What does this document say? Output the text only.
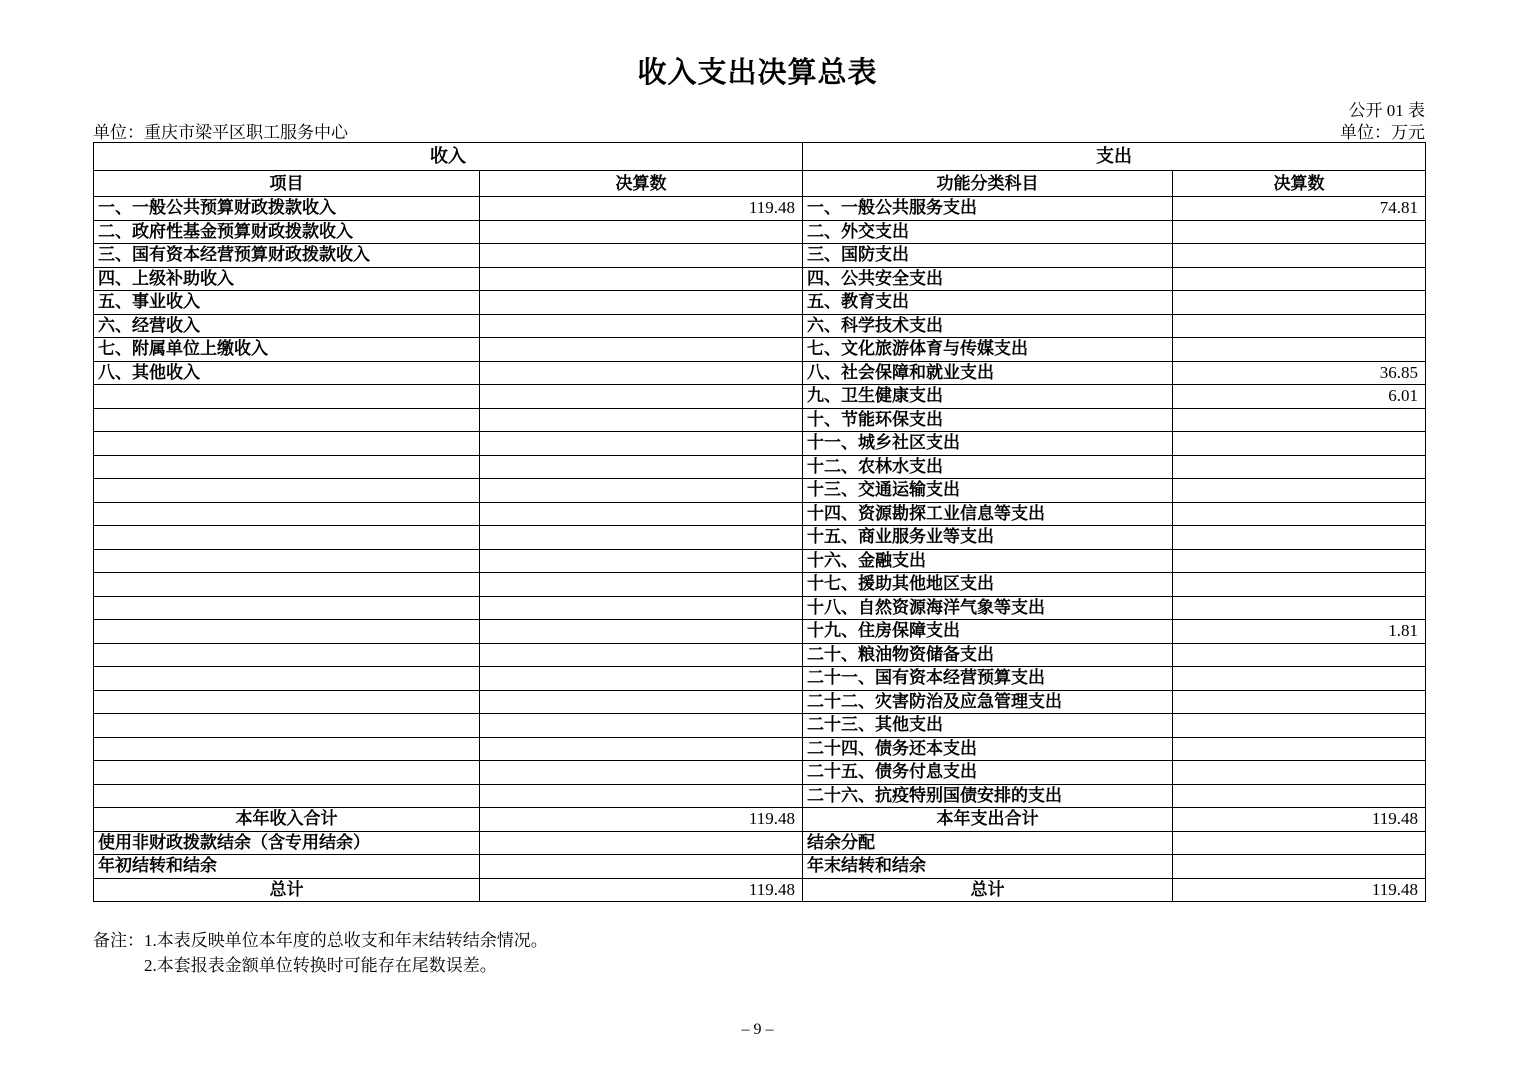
收入支出决算总表
公开 01 表
单位：重庆市梁平区职工服务中心	单位：万元
收入		支出	
项目	决算数	功能分类科目	决算数
一、一般公共预算财政拨款收入	119.48	一、一般公共服务支出	74.81
二、政府性基金预算财政拨款收入		二、外交支出	
三、国有资本经营预算财政拨款收入		三、国防支出	
四、上级补助收入		四、公共安全支出	
五、事业收入		五、教育支出	
六、经营收入		六、科学技术支出	
七、附属单位上缴收入		七、文化旅游体育与传媒支出	
八、其他收入		八、社会保障和就业支出	36.85
		九、卫生健康支出	6.01
		十、节能环保支出	
		十一、城乡社区支出	
		十二、农林水支出	
		十三、交通运输支出	
		十四、资源勘探工业信息等支出	
		十五、商业服务业等支出	
		十六、金融支出	
		十七、援助其他地区支出	
		十八、自然资源海洋气象等支出	
		十九、住房保障支出	1.81
		二十、粮油物资储备支出	
		二十一、国有资本经营预算支出	
		二十二、灾害防治及应急管理支出	
		二十三、其他支出	
		二十四、债务还本支出	
		二十五、债务付息支出	
		二十六、抗疫特别国债安排的支出	
本年收入合计	119.48	本年支出合计	119.48
使用非财政拨款结余（含专用结余）		结余分配	
年初结转和结余		年末结转和结余	
总计	119.48	总计	119.48
备注：1.本表反映单位本年度的总收支和年末结转结余情况。
2.本套报表金额单位转换时可能存在尾数误差。
– 9 –
